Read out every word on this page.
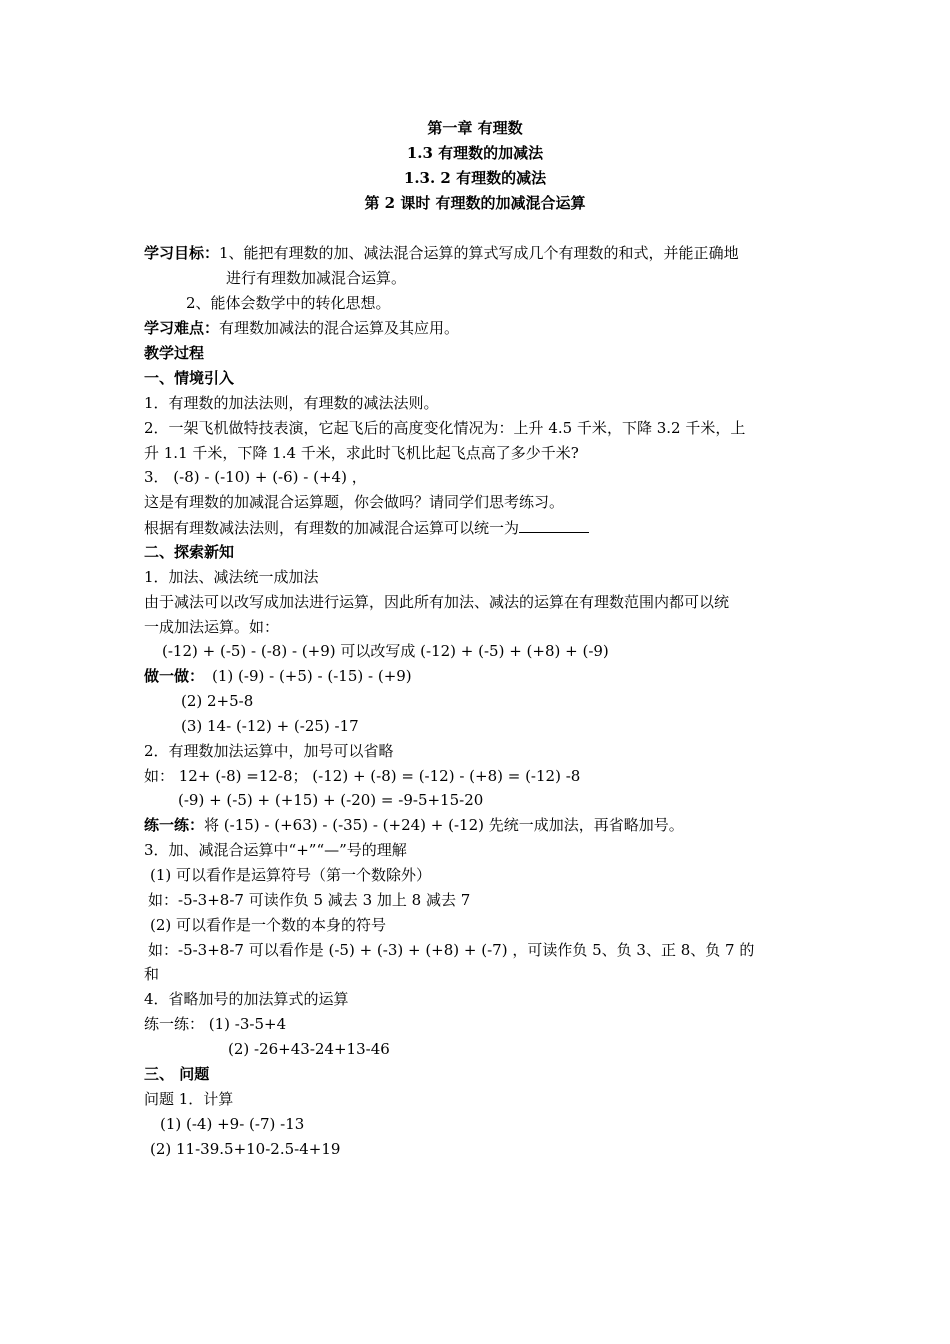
第一章 有理数
1.3 有理数的加减法
1.3. 2 有理数的减法
第 2 课时 有理数的加减混合运算
学习目标：1、能把有理数的加、减法混合运算的算式写成几个有理数的和式，并能正确地
进行有理数加减混合运算。
2、能体会数学中的转化思想。
学习难点：有理数加减法的混合运算及其应用。
教学过程
一、情境引入
1．有理数的加法法则，有理数的减法法则。
2．一架飞机做特技表演，它起飞后的高度变化情况为：上升 4.5 千米，下降 3.2 千米，上
升 1.1 千米，下降 1.4 千米，求此时飞机比起飞点高了多少千米?
3． (-8) - (-10) + (-6) - (+4) ，
这是有理数的加减混合运算题，你会做吗？请同学们思考练习。
根据有理数减法法则，有理数的加减混合运算可以统一为
二、探索新知
1．加法、减法统一成加法
由于减法可以改写成加法进行运算，因此所有加法、减法的运算在有理数范围内都可以统
一成加法运算。如：
(-12) + (-5) - (-8) - (+9) 可以改写成 (-12) + (-5) + (+8) + (-9)
做一做： (1) (-9) - (+5) - (-15) - (+9)
(2) 2+5-8
(3) 14- (-12) + (-25) -17
2．有理数加法运算中，加号可以省略
如： 12+ (-8) =12-8； (-12) + (-8) = (-12) - (+8) = (-12) -8
(-9) + (-5) + (+15) + (-20) = -9-5+15-20
练一练：将 (-15) - (+63) - (-35) - (+24) + (-12) 先统一成加法，再省略加号。
3．加、减混合运算中“+”“—”号的理解
(1) 可以看作是运算符号（第一个数除外）
如：-5-3+8-7 可读作负 5 减去 3 加上 8 减去 7
(2) 可以看作是一个数的本身的符号
如：-5-3+8-7 可以看作是 (-5) + (-3) + (+8) + (-7) ，可读作负 5、负 3、正 8、负 7 的
和
4．省略加号的加法算式的运算
练一练： (1) -3-5+4
(2) -26+43-24+13-46
三、 问题
问题 1．计算
(1) (-4) +9- (-7) -13
(2) 11-39.5+10-2.5-4+19
